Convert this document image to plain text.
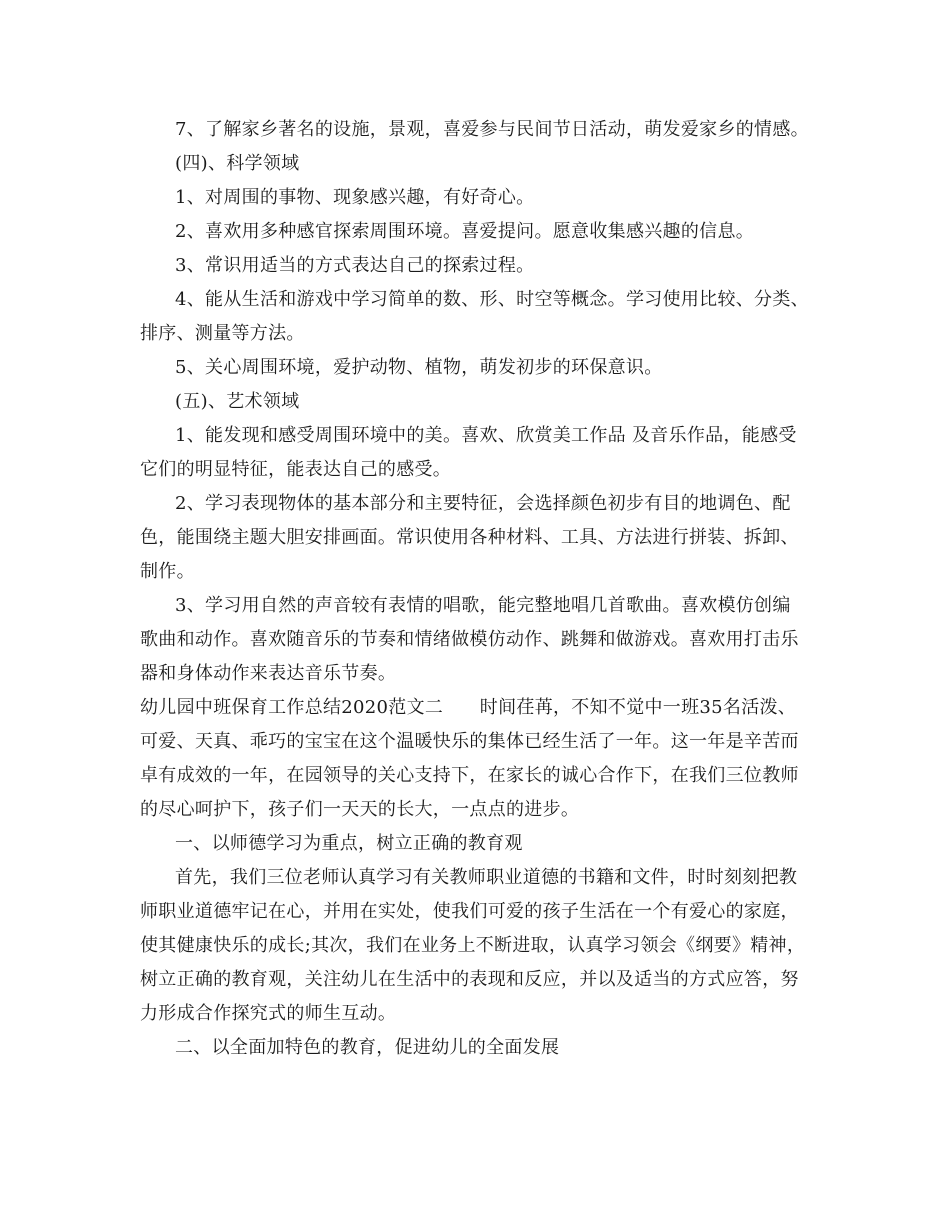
7、了解家乡著名的设施，景观，喜爱参与民间节日活动，萌发爱家乡的情感。
(四)、科学领域
1、对周围的事物、现象感兴趣，有好奇心。
2、喜欢用多种感官探索周围环境。喜爱提问。愿意收集感兴趣的信息。
3、常识用适当的方式表达自己的探索过程。
4、能从生活和游戏中学习简单的数、形、时空等概念。学习使用比较、分类、
排序、测量等方法。
5、关心周围环境，爱护动物、植物，萌发初步的环保意识。
(五)、艺术领域
1、能发现和感受周围环境中的美。喜欢、欣赏美工作品 及音乐作品，能感受
它们的明显特征，能表达自己的感受。
2、学习表现物体的基本部分和主要特征，会选择颜色初步有目的地调色、配
色，能围绕主题大胆安排画面。常识使用各种材料、工具、方法进行拼装、拆卸、
制作。
3、学习用自然的声音较有表情的唱歌，能完整地唱几首歌曲。喜欢模仿创编
歌曲和动作。喜欢随音乐的节奏和情绪做模仿动作、跳舞和做游戏。喜欢用打击乐
器和身体动作来表达音乐节奏。
幼儿园中班保育工作总结2020范文二　　时间荏苒，不知不觉中一班35名活泼、
可爱、天真、乖巧的宝宝在这个温暖快乐的集体已经生活了一年。这一年是辛苦而
卓有成效的一年，在园领导的关心支持下，在家长的诚心合作下，在我们三位教师
的尽心呵护下，孩子们一天天的长大，一点点的进步。
一、以师德学习为重点，树立正确的教育观
首先，我们三位老师认真学习有关教师职业道德的书籍和文件，时时刻刻把教
师职业道德牢记在心，并用在实处，使我们可爱的孩子生活在一个有爱心的家庭，
使其健康快乐的成长;其次，我们在业务上不断进取，认真学习领会《纲要》精神，
树立正确的教育观，关注幼儿在生活中的表现和反应，并以及适当的方式应答，努
力形成合作探究式的师生互动。
二、以全面加特色的教育，促进幼儿的全面发展
